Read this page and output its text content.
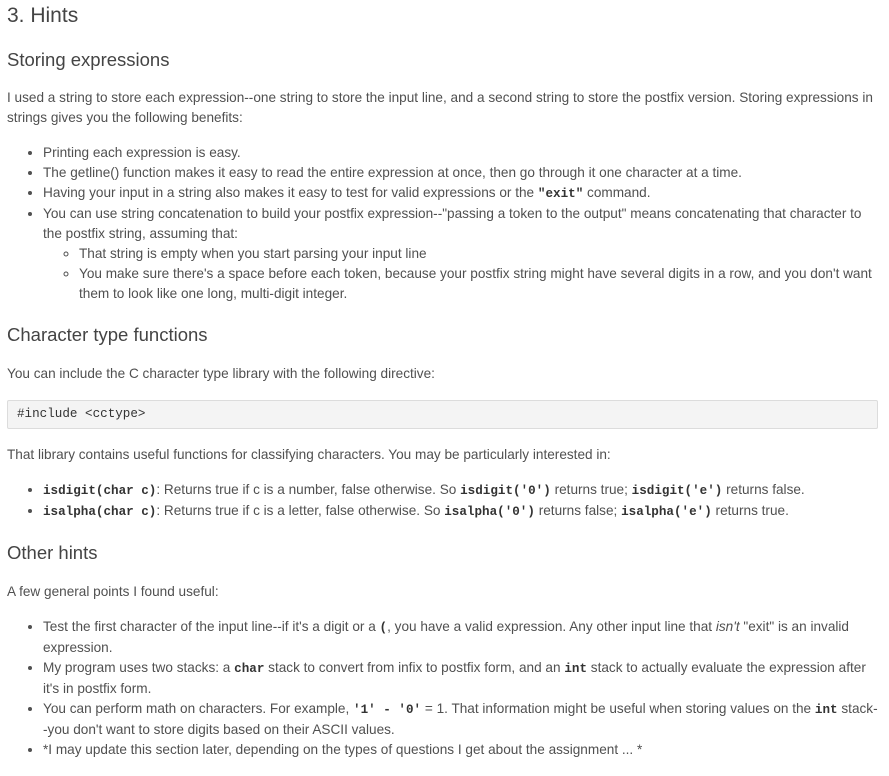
3. Hints
Storing expressions

I used a string to store each expression--one string to store the input line, and a second string to store the postfix version. Storing expressions in strings gives you the following benefits:

• Printing each expression is easy.
• The getline() function makes it easy to read the entire expression at once, then go through it one character at a time.
• Having your input in a string also makes it easy to test for valid expressions or the "exit" command.
• You can use string concatenation to build your postfix expression--"passing a token to the output" means concatenating that character to the postfix string, assuming that:
◦ That string is empty when you start parsing your input line
◦ You make sure there's a space before each token, because your postfix string might have several digits in a row, and you don't want them to look like one long, multi-digit integer.
Character type functions

You can include the C character type library with the following directive:

#include <cctype>

That library contains useful functions for classifying characters. You may be particularly interested in:

• isdigit(char c): Returns true if c is a number, false otherwise. So isdigit('0') returns true; isdigit('e') returns false.
• isalpha(char c): Returns true if c is a letter, false otherwise. So isalpha('0') returns false; isalpha('e') returns true.
Other hints

A few general points I found useful:

• Test the first character of the input line--if it's a digit or a (, you have a valid expression. Any other input line that isn't "exit" is an invalid expression.
• My program uses two stacks: a char stack to convert from infix to postfix form, and an int stack to actually evaluate the expression after it's in postfix form.
• You can perform math on characters. For example, '1' - '0' = 1. That information might be useful when storing values on the int stack--you don't want to store digits based on their ASCII values.
• *I may update this section later, depending on the types of questions I get about the assignment ... *
